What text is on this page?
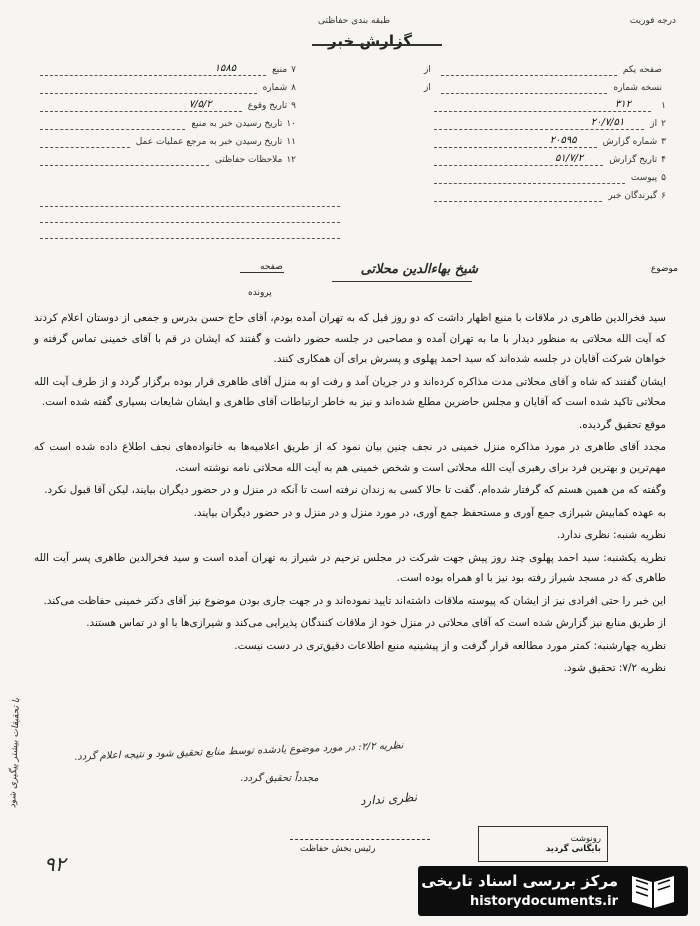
طبقه بندی حفاظتی	درجه فوریت
گزارش خبر
۷
منبع
۱۵۸۵
۸
شماره
۹
تاریخ وقوع
۷/۵/۲
۱۰
تاریخ رسیدن خبر به منبع
۱۱
تاریخ رسیدن خبر به مرجع عملیات عمل
۱۲
ملاحظات حفاظتی
صفحه یکم
از
نسخه شماره
از
۱
۳۱۲
۲
از
۲۰/۷/۵۱
۳
شماره گزارش
۲۰۵۹۵
۴
تاریخ گزارش
۵۱/۷/۲
۵
پیوست
۶
گیرندگان خبر
صفحه
پرونده
موضوع
شیخ بهاءالدین محلاتی

سید فخرالدین طاهری در ملاقات با منبع اظهار داشت که دو روز قبل که به تهران آمده بودم، آقای حاج حسن بدرس و جمعی از دوستان اعلام کردند که آیت الله محلاتی به منظور دیدار با ما به تهران آمده و مصاحبی در جلسه حضور داشت و گفتند که ایشان در قم با آقای خمینی تماس گرفته و خواهان شرکت آقایان در جلسه شده‌اند که سید احمد پهلوی و پسرش برای آن همکاری کنند.

ایشان گفتند که شاه و آقای محلاتی مدت مذاکره کرده‌اند و در جریان آمد و رفت او به منزل آقای طاهری قرار بوده برگزار گردد و از طرف آیت الله محلاتی تاکید شده است که آقایان و مجلس حاضرین مطلع شده‌اند و نیز به خاطر ارتباطات آقای طاهری و ایشان شایعات بسیاری گفته شده است.

موقع تحقیق گردیده.

مجدد آقای طاهری در مورد مذاکره منزل خمینی در نجف چنین بیان نمود که از طریق اعلامیه‌ها به خانواده‌های نجف اطلاع داده شده است که مهم‌ترین و بهترین فرد برای رهبری آیت الله محلاتی است و شخص خمینی هم به آیت الله محلاتی نامه نوشته است.

وگفته که من همین هستم که گرفتار شده‌ام. گفت تا حالا کسی به زندان نرفته است تا آنکه در منزل و در حضور دیگران بیایند، لیکن آقا قبول نکرد.

به عهده کمابیش شیرازی جمع آوری و مستحفظ جمع آوری، در مورد منزل و در منزل و در حضور دیگران بیایند.

نظریه شنبه: نظری ندارد.

نظریه یکشنبه: سید احمد پهلوی چند روز پیش جهت شرکت در مجلس ترحیم در شیراز به تهران آمده است و سید فخرالدین طاهری پسر آیت الله طاهری که در مسجد شیراز رفته بود نیز با او همراه بوده است.

این خبر را حتی افرادی نیز از ایشان که پیوسته ملاقات داشته‌اند تایید نموده‌اند و در جهت جاری بودن موضوع نیز آقای دکتر خمینی حفاظت می‌کند.

از طریق منابع نیز گزارش شده است که آقای محلاتی در منزل خود از ملاقات کنندگان پذیرایی می‌کند و شیرازی‌ها با او در تماس هستند.

نظریه چهارشنبه: کمتر مورد مطالعه قرار گرفت و از پیشینیه منبع اطلاعات دقیق‌تری در دست نیست.

نظریه ۷/۲: تحقیق شود.

نظریه ۲/۲: در مورد موضوع یادشده توسط منابع تحقیق شود و نتیجه اعلام گردد.
مجدداً تحقیق گردد.
با تحقیقات بیشتر پیگیری شود	نظری ندارد
۹۲
رئیس بخش حفاظت
رونوشت
بایگانی گردید
مرکز بررسی اسناد تاریخی
historydocuments.ir
